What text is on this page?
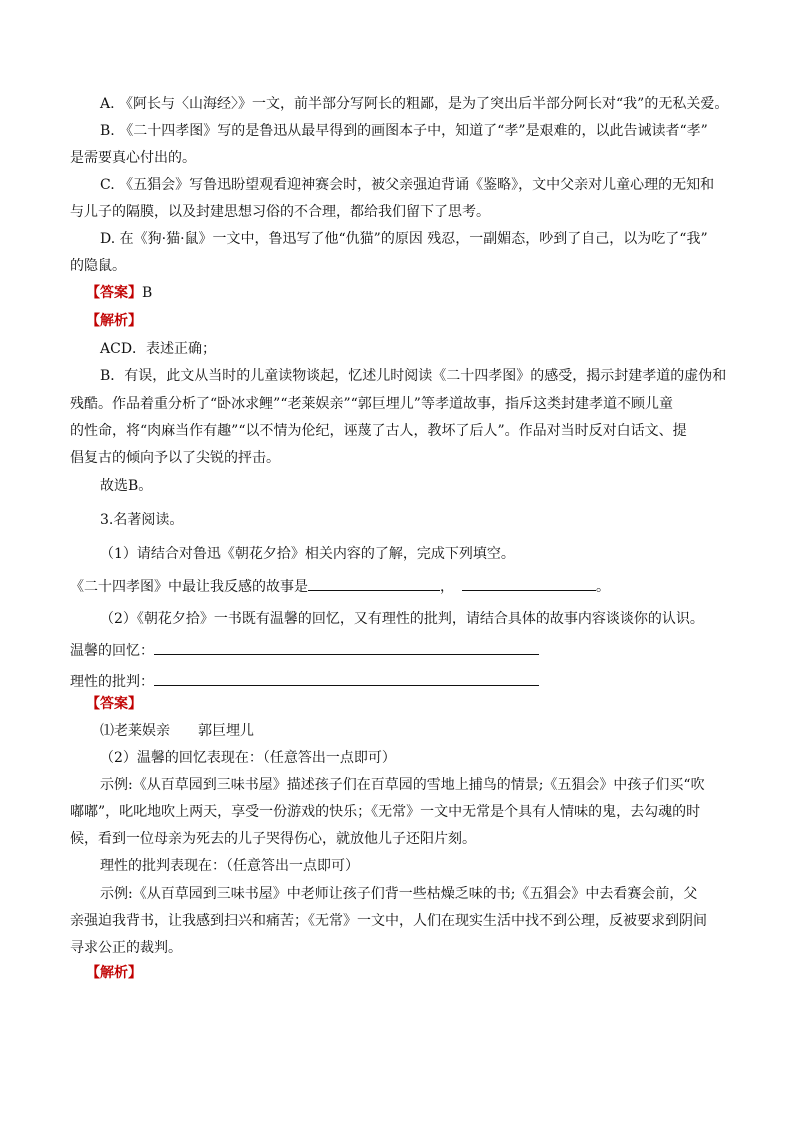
A. 《阿长与〈山海经〉》一文，前半部分写阿长的粗鄙，是为了突出后半部分阿长对“我”的无私关爱。
B. 《二十四孝图》写的是鲁迅从最早得到的画图本子中，知道了“孝”是艰难的，以此告诫读者“孝”
是需要真心付出的。
C. 《五猖会》写鲁迅盼望观看迎神赛会时，被父亲强迫背诵《鉴略》，文中父亲对儿童心理的无知和
与儿子的隔膜，以及封建思想习俗的不合理，都给我们留下了思考。
D. 在《狗·猫·鼠》一文中，鲁迅写了他“仇猫”的原因 残忍，一副媚态，吵到了自己，以为吃了“我”
的隐鼠。
【答案】B
【解析】
ACD．表述正确；
B．有误，此文从当时的儿童读物谈起，忆述儿时阅读《二十四孝图》的感受，揭示封建孝道的虚伪和
残酷。作品着重分析了“卧冰求鲤”“老莱娱亲”“郭巨埋儿”等孝道故事，指斥这类封建孝道不顾儿童
的性命，将“肉麻当作有趣”“以不情为伦纪，诬蔑了古人，教坏了后人”。作品对当时反对白话文、提
倡复古的倾向予以了尖锐的抨击。
故选B。
3.名著阅读。
（1）请结合对鲁迅《朝花夕拾》相关内容的了解，完成下列填空。
《二十四孝图》中最让我反感的故事是	，	。
（2）《朝花夕拾》一书既有温馨的回忆，又有理性的批判，请结合具体的故事内容谈谈你的认识。
温馨的回忆：
理性的批判：
【答案】
⑴老莱娱亲　　郭巨埋儿
（2）温馨的回忆表现在：（任意答出一点即可）
示例:《从百草园到三味书屋》描述孩子们在百草园的雪地上捕鸟的情景;《五猖会》中孩子们买“吹
嘟嘟”，叱叱地吹上两天，享受一份游戏的快乐；《无常》一文中无常是个具有人情味的鬼，去勾魂的时
候，看到一位母亲为死去的儿子哭得伤心，就放他儿子还阳片刻。
理性的批判表现在：（任意答出一点即可）
示例:《从百草园到三味书屋》中老师让孩子们背一些枯燥乏味的书;《五猖会》中去看赛会前，父
亲强迫我背书，让我感到扫兴和痛苦；《无常》一文中，人们在现实生活中找不到公理，反被要求到阴间
寻求公正的裁判。
【解析】
